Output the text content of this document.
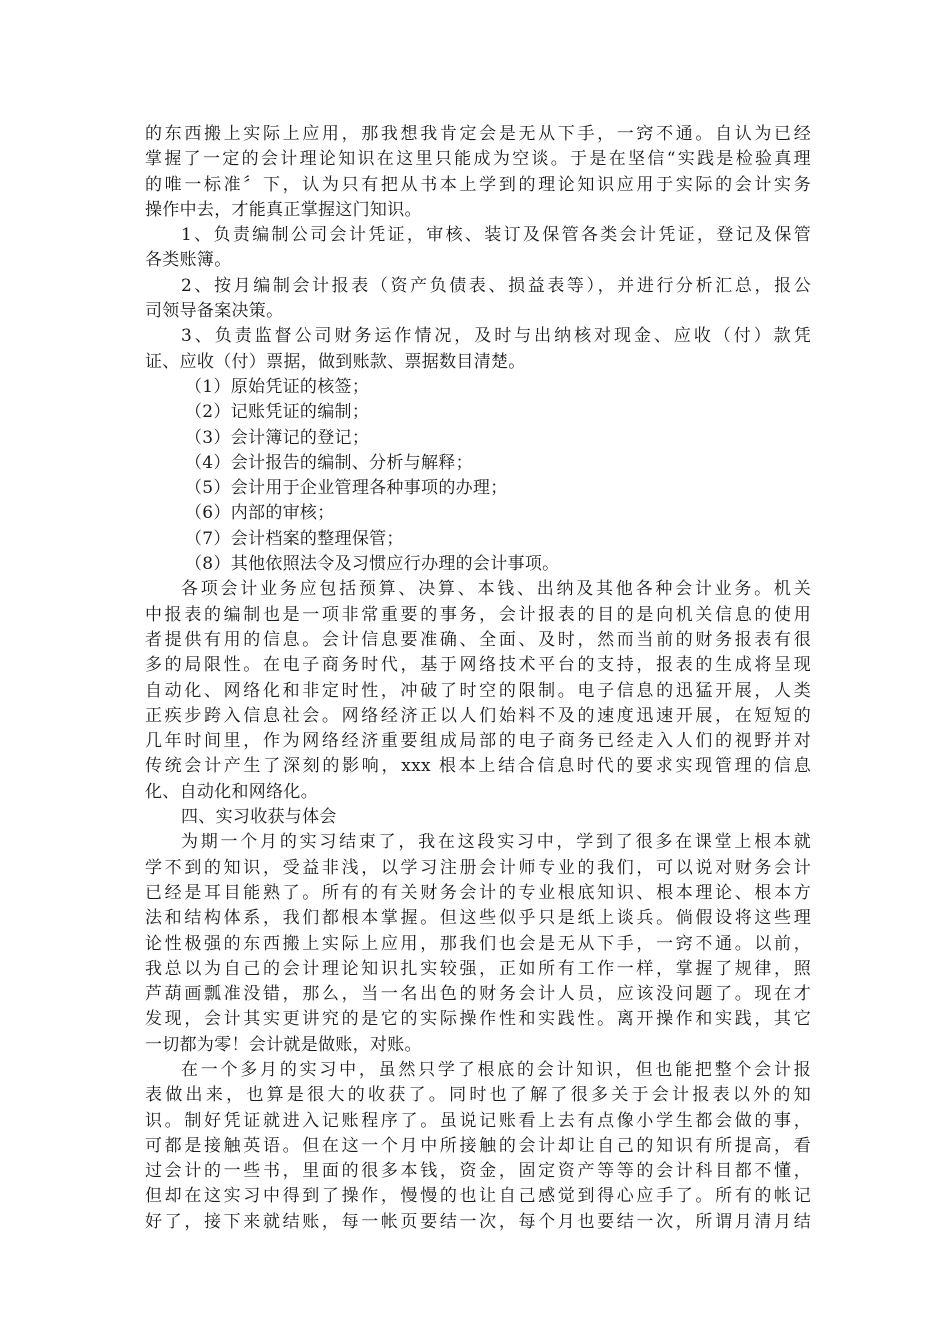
的东西搬上实际上应用，那我想我肯定会是无从下手，一窍不通。自认为已经
掌握了一定的会计理论知识在这里只能成为空谈。于是在坚信“实践是检验真理
的唯一标准〞下，认为只有把从书本上学到的理论知识应用于实际的会计实务
操作中去，才能真正掌握这门知识。
1、负责编制公司会计凭证，审核、装订及保管各类会计凭证，登记及保管
各类账簿。
2、按月编制会计报表（资产负债表、损益表等），并进行分析汇总，报公
司领导备案决策。
3、负责监督公司财务运作情况，及时与出纳核对现金、应收（付）款凭
证、应收（付）票据，做到账款、票据数目清楚。
（1）原始凭证的核签；
（2）记账凭证的编制；
（3）会计簿记的登记；
（4）会计报告的编制、分析与解释；
（5）会计用于企业管理各种事项的办理；
（6）内部的审核；
（7）会计档案的整理保管；
（8）其他依照法令及习惯应行办理的会计事项。
各项会计业务应包括预算、决算、本钱、出纳及其他各种会计业务。机关
中报表的编制也是一项非常重要的事务，会计报表的目的是向机关信息的使用
者提供有用的信息。会计信息要准确、全面、及时，然而当前的财务报表有很
多的局限性。在电子商务时代，基于网络技术平台的支持，报表的生成将呈现
自动化、网络化和非定时性，冲破了时空的限制。电子信息的迅猛开展，人类
正疾步跨入信息社会。网络经济正以人们始料不及的速度迅速开展，在短短的
几年时间里，作为网络经济重要组成局部的电子商务已经走入人们的视野并对
传统会计产生了深刻的影响，xxx 根本上结合信息时代的要求实现管理的信息
化、自动化和网络化。
四、实习收获与体会
为期一个月的实习结束了，我在这段实习中，学到了很多在课堂上根本就
学不到的知识，受益非浅，以学习注册会计师专业的我们，可以说对财务会计
已经是耳目能熟了。所有的有关财务会计的专业根底知识、根本理论、根本方
法和结构体系，我们都根本掌握。但这些似乎只是纸上谈兵。倘假设将这些理
论性极强的东西搬上实际上应用，那我们也会是无从下手，一窍不通。以前，
我总以为自己的会计理论知识扎实较强，正如所有工作一样，掌握了规律，照
芦葫画瓢准没错，那么，当一名出色的财务会计人员，应该没问题了。现在才
发现，会计其实更讲究的是它的实际操作性和实践性。离开操作和实践，其它
一切都为零！会计就是做账，对账。
在一个多月的实习中，虽然只学了根底的会计知识，但也能把整个会计报
表做出来，也算是很大的收获了。同时也了解了很多关于会计报表以外的知
识。制好凭证就进入记账程序了。虽说记账看上去有点像小学生都会做的事，
可都是接触英语。但在这一个月中所接触的会计却让自己的知识有所提高，看
过会计的一些书，里面的很多本钱，资金，固定资产等等的会计科目都不懂，
但却在这实习中得到了操作，慢慢的也让自己感觉到得心应手了。所有的帐记
好了，接下来就结账，每一帐页要结一次，每个月也要结一次，所谓月清月结
